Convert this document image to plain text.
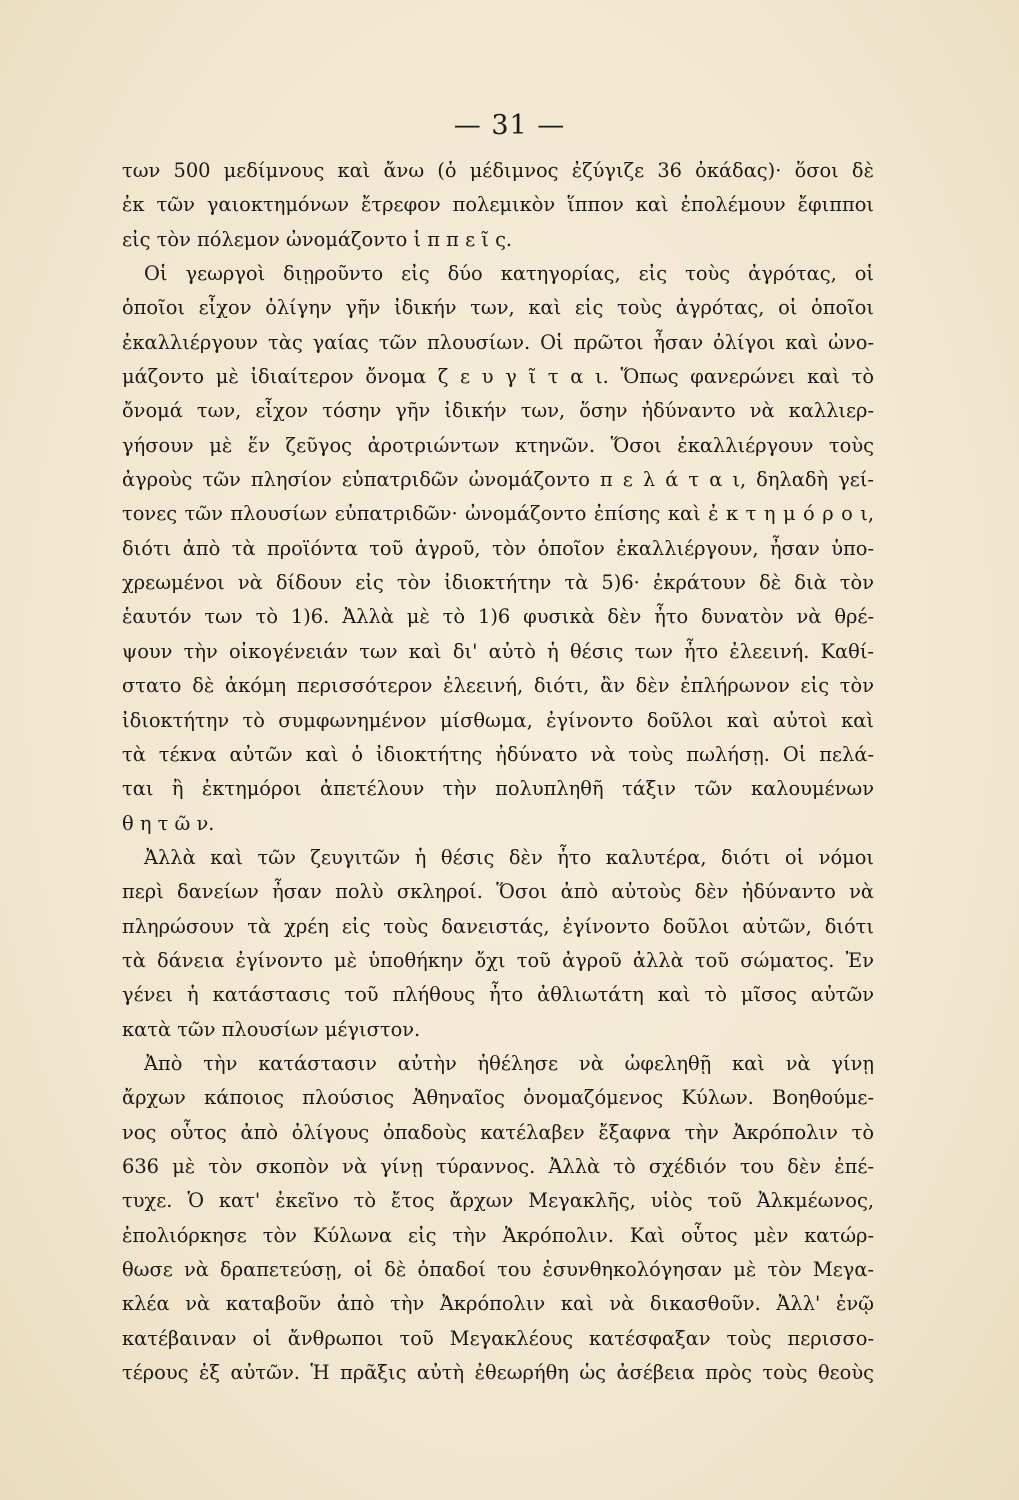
— 31 —
των 500 μεδίμνους καὶ ἄνω (ὁ μέδιμνος ἐζύγιζε 36 ὀκάδας)· ὅσοι δὲ
ἐκ τῶν γαιοκτημόνων ἔτρεφον πολεμικὸν ἵππον καὶ ἐπολέμουν ἔφιπποι
εἰς τὸν πόλεμον ὠνομάζοντο ἱ π π ε ῖ ς.
Οἱ γεωργοὶ διῃροῦντο εἰς δύο κατηγορίας, εἰς τοὺς ἀγρότας, οἱ
ὁποῖοι εἶχον ὀλίγην γῆν ἰδικήν των, καὶ εἰς τοὺς ἀγρότας, οἱ ὁποῖοι
ἐκαλλιέργουν τὰς γαίας τῶν πλουσίων. Οἱ πρῶτοι ἦσαν ὀλίγοι καὶ ὠνο-
μάζοντο μὲ ἰδιαίτερον ὄνομα ζ ε υ γ ῖ τ α ι. Ὅπως φανερώνει καὶ τὸ
ὄνομά των, εἶχον τόσην γῆν ἰδικήν των, ὅσην ἠδύναντο νὰ καλλιερ-
γήσουν μὲ ἕν ζεῦγος ἀροτριώντων κτηνῶν. Ὅσοι ἐκαλλιέργουν τοὺς
ἀγροὺς τῶν πλησίον εὐπατριδῶν ὠνομάζοντο π ε λ ά τ α ι, δηλαδὴ γεί-
τονες τῶν πλουσίων εὐπατριδῶν· ὠνομάζοντο ἐπίσης καὶ ἐ κ τ η μ ό ρ ο ι,
διότι ἀπὸ τὰ προϊόντα τοῦ ἀγροῦ, τὸν ὁποῖον ἐκαλλιέργουν, ἦσαν ὑπο-
χρεωμένοι νὰ δίδουν εἰς τὸν ἰδιοκτήτην τὰ 5)6· ἐκράτουν δὲ διὰ τὸν
ἑαυτόν των τὸ 1)6. Ἀλλὰ μὲ τὸ 1)6 φυσικὰ δὲν ἦτο δυνατὸν νὰ θρέ-
ψουν τὴν οἰκογένειάν των καὶ δι' αὐτὸ ἡ θέσις των ἦτο ἐλεεινή. Καθί-
στατο δὲ ἀκόμη περισσότερον ἐλεεινή, διότι, ἂν δὲν ἐπλήρωνον εἰς τὸν
ἰδιοκτήτην τὸ συμφωνημένον μίσθωμα, ἐγίνοντο δοῦλοι καὶ αὐτοὶ καὶ
τὰ τέκνα αὐτῶν καὶ ὁ ἰδιοκτήτης ἠδύνατο νὰ τοὺς πωλήσῃ. Οἱ πελά-
ται ἢ ἐκτημόροι ἀπετέλουν τὴν πολυπληθῆ τάξιν τῶν καλουμένων
θ η τ ῶ ν.
Ἀλλὰ καὶ τῶν ζευγιτῶν ἡ θέσις δὲν ἦτο καλυτέρα, διότι οἱ νόμοι
περὶ δανείων ἦσαν πολὺ σκληροί. Ὅσοι ἀπὸ αὐτοὺς δὲν ἠδύναντο νὰ
πληρώσουν τὰ χρέη εἰς τοὺς δανειστάς, ἐγίνοντο δοῦλοι αὐτῶν, διότι
τὰ δάνεια ἐγίνοντο μὲ ὑποθήκην ὄχι τοῦ ἀγροῦ ἀλλὰ τοῦ σώματος. Ἐν
γένει ἡ κατάστασις τοῦ πλήθους ἦτο ἀθλιωτάτη καὶ τὸ μῖσος αὐτῶν
κατὰ τῶν πλουσίων μέγιστον.
Ἀπὸ τὴν κατάστασιν αὐτὴν ἠθέλησε νὰ ὠφεληθῇ καὶ νὰ γίνῃ
ἄρχων κάποιος πλούσιος Ἀθηναῖος ὀνομαζόμενος Κύλων. Βοηθούμε-
νος οὗτος ἀπὸ ὀλίγους ὀπαδοὺς κατέλαβεν ἔξαφνα τὴν Ἀκρόπολιν τὸ
636 μὲ τὸν σκοπὸν νὰ γίνῃ τύραννος. Ἀλλὰ τὸ σχέδιόν του δὲν ἐπέ-
τυχε. Ὁ κατ' ἐκεῖνο τὸ ἔτος ἄρχων Μεγακλῆς, υἱὸς τοῦ Ἀλκμέωνος,
ἐπολιόρκησε τὸν Κύλωνα εἰς τὴν Ἀκρόπολιν. Καὶ οὗτος μὲν κατώρ-
θωσε νὰ δραπετεύσῃ, οἱ δὲ ὀπαδοί του ἐσυνθηκολόγησαν μὲ τὸν Μεγα-
κλέα νὰ καταβοῦν ἀπὸ τὴν Ἀκρόπολιν καὶ νὰ δικασθοῦν. Ἀλλ' ἐνῷ
κατέβαιναν οἱ ἄνθρωποι τοῦ Μεγακλέους κατέσφαξαν τοὺς περισσο-
τέρους ἐξ αὐτῶν. Ἡ πρᾶξις αὐτὴ ἐθεωρήθη ὡς ἀσέβεια πρὸς τοὺς θεοὺς
